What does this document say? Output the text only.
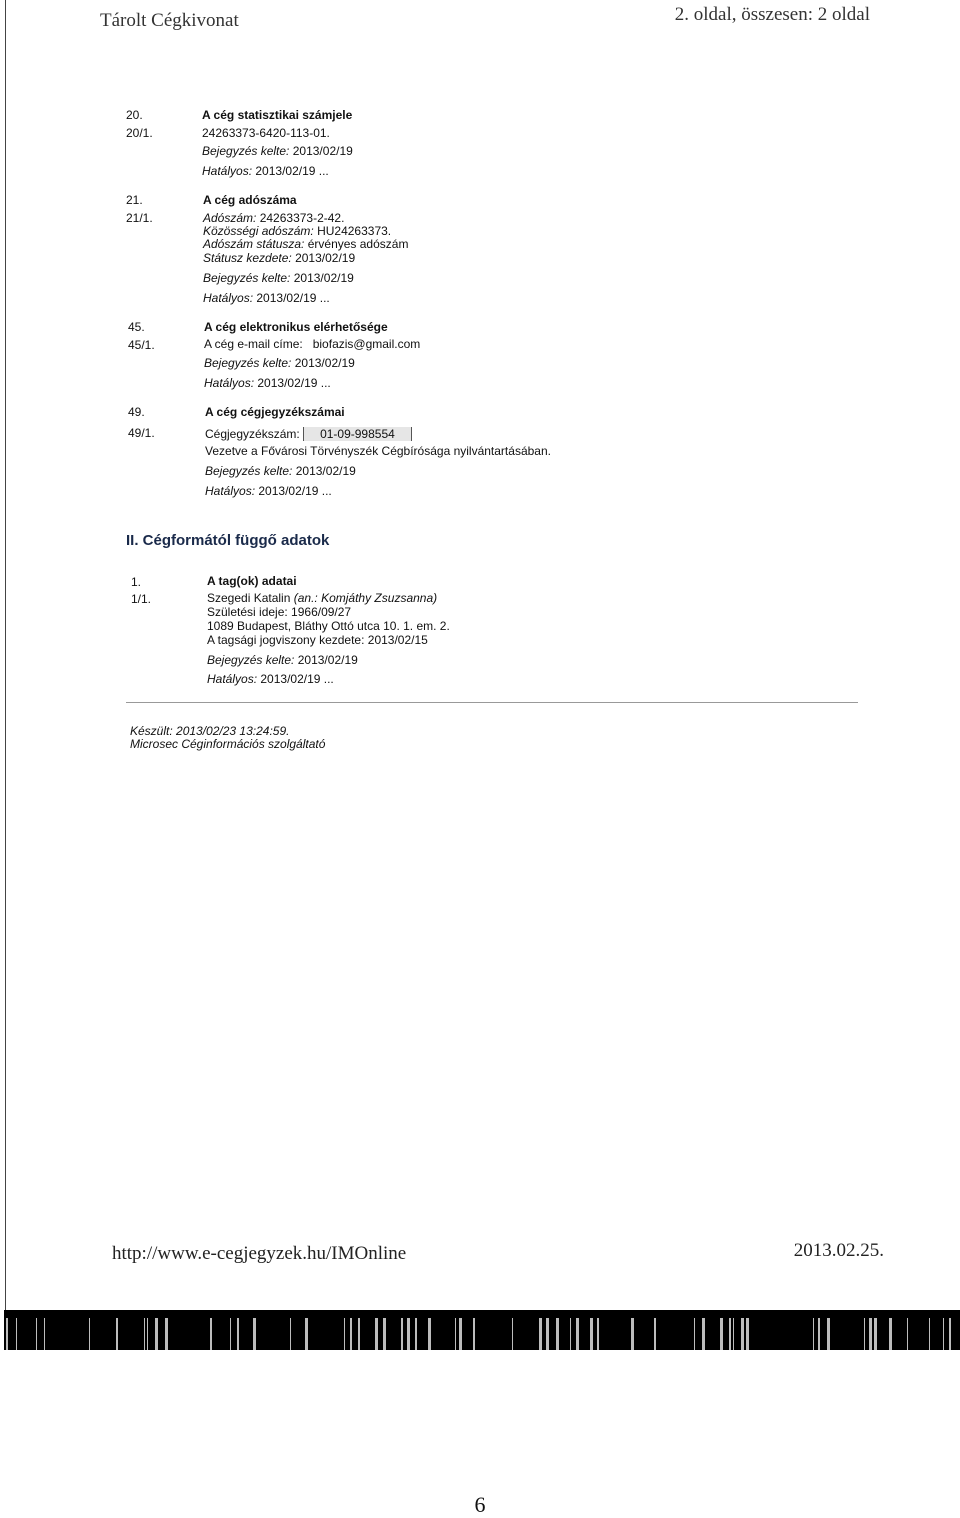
Tárolt Cégkivonat	2. oldal, összesen: 2 oldal
20.	A cég statisztikai számjele
20/1.	24263373-6420-113-01.
Bejegyzés kelte: 2013/02/19
Hatályos: 2013/02/19 ...
21.	A cég adószáma
21/1.	Adószám: 24263373-2-42.
Közösségi adószám: HU24263373.
Adószám státusza: érvényes adószám
Státusz kezdete: 2013/02/19
Bejegyzés kelte: 2013/02/19
Hatályos: 2013/02/19 ...
45.	A cég elektronikus elérhetősége
45/1.	A cég e-mail címe: biofazis@gmail.com
Bejegyzés kelte: 2013/02/19
Hatályos: 2013/02/19 ...
49.	A cég cégjegyzékszámai
49/1.	Cégjegyzékszám: 01-09-998554
Vezetve a Fővárosi Törvényszék Cégbírósága nyilvántartásában.
Bejegyzés kelte: 2013/02/19
Hatályos: 2013/02/19 ...
II. Cégformától függő adatok
1.	A tag(ok) adatai
1/1.	Szegedi Katalin (an.: Komjáthy Zsuzsanna)
Születési ideje: 1966/09/27
1089 Budapest, Bláthy Ottó utca 10. 1. em. 2.
A tagsági jogviszony kezdete: 2013/02/15
Bejegyzés kelte: 2013/02/19
Hatályos: 2013/02/19 ...
Készült: 2013/02/23 13:24:59.
Microsec Céginformációs szolgáltató
http://www.e-cegjegyzek.hu/IMOnline	2013.02.25.
6
